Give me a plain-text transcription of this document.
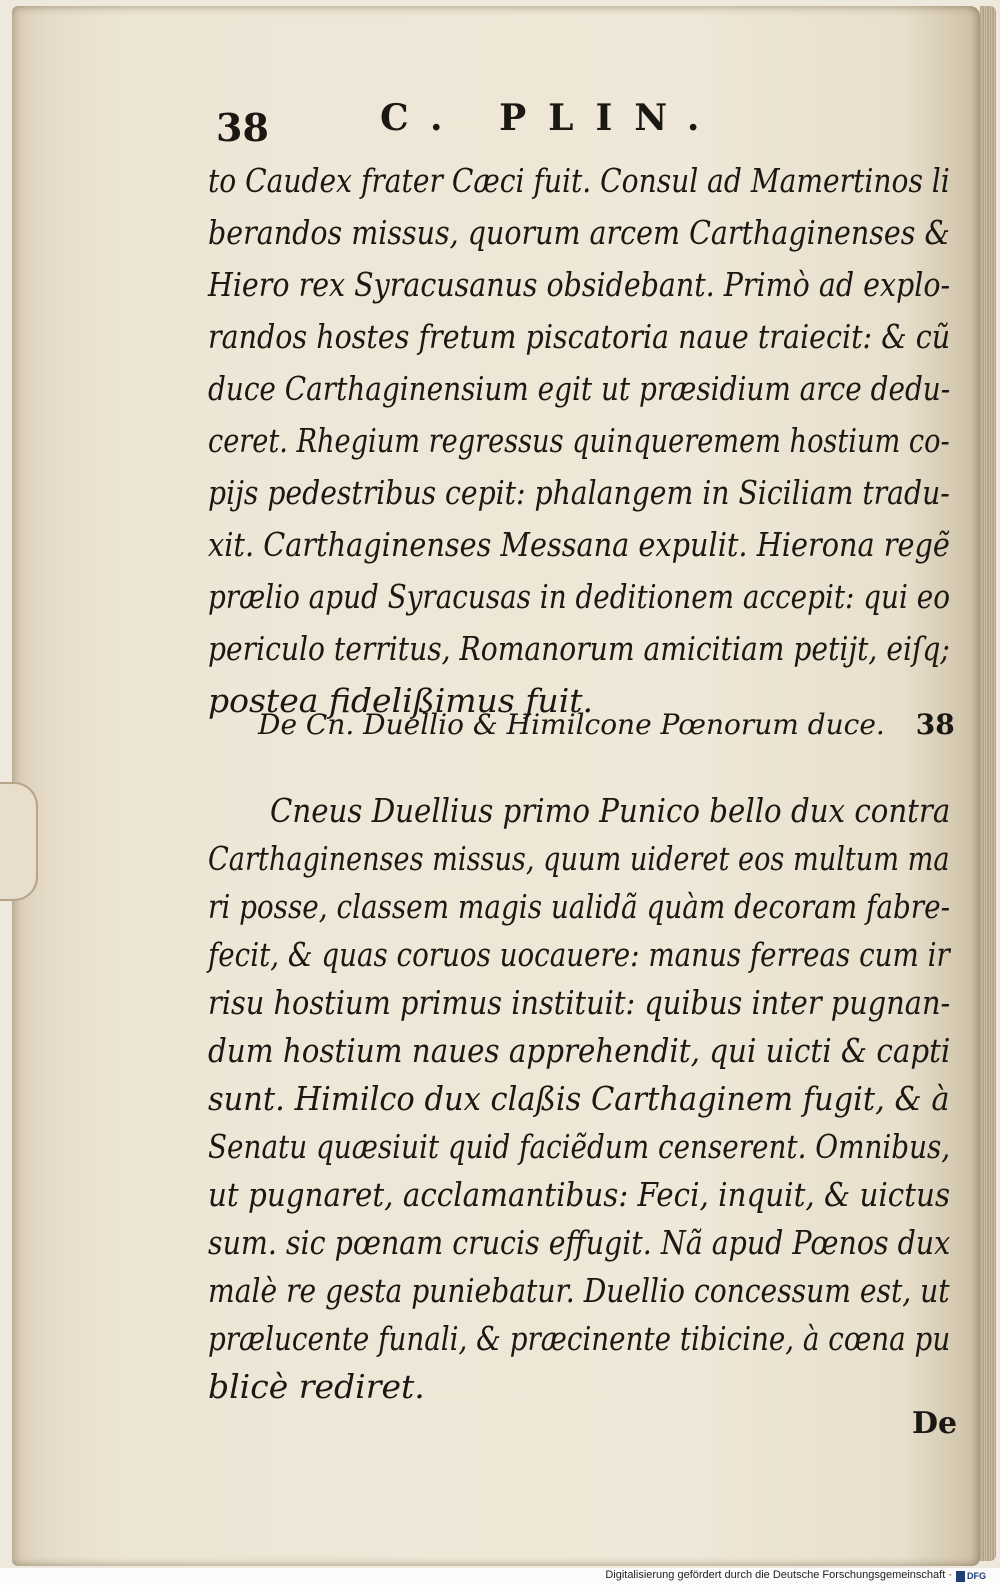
38	C. PLIN.
to Caudex frater Cæci fuit. Consul ad Mamertinos li
berandos missus, quorum arcem Carthaginenses &
Hiero rex Syracusanus obsidebant. Primò ad explo-
randos hostes fretum piscatoria naue traiecit: & cũ
duce Carthaginensium egit ut præsidium arce dedu-
ceret. Rhegium regressus quinqueremem hostium co-
pijs pedestribus cepit: phalangem in Siciliam tradu-
xit. Carthaginenses Messana expulit. Hierona regẽ
prælio apud Syracusas in deditionem accepit: qui eo
periculo territus, Romanorum amicitiam petijt, eiſq;
postea fidelißimus fuit.
De Cn. Duellio & Himilcone Pœnorum duce. 38
Cneus Duellius primo Punico bello dux contra
Carthaginenses missus, quum uideret eos multum ma
ri posse, classem magis ualidã quàm decoram fabre-
fecit, & quas coruos uocauere: manus ferreas cum ir
risu hostium primus instituit: quibus inter pugnan-
dum hostium naues apprehendit, qui uicti & capti
sunt. Himilco dux claßis Carthaginem fugit, & à
Senatu quæsiuit quid faciẽdum censerent. Omnibus,
ut pugnaret, acclamantibus: Feci, inquit, & uictus
sum. sic pœnam crucis effugit. Nã apud Pœnos dux
malè re gesta puniebatur. Duellio concessum est, ut
prælucente funali, & præcinente tibicine, à cœna pu
blicè rediret.
De
Digitalisierung gefördert durch die Deutsche Forschungsgemeinschaft · DFG
